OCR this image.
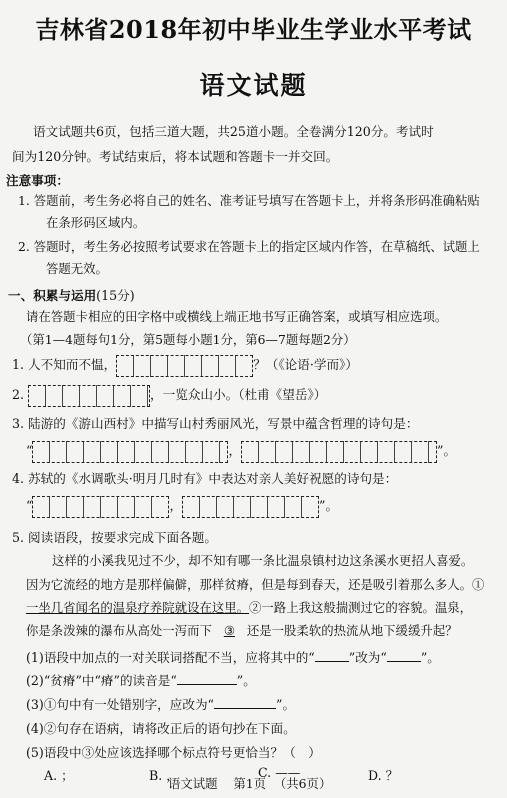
吉林省2018年初中毕业生学业水平考试
语文试题
语文试题共6页，包括三道大题，共25道小题。全卷满分120分。考试时
间为120分钟。考试结束后，将本试题和答题卡一并交回。
注意事项：
1. 答题前，考生务必将自己的姓名、准考证号填写在答题卡上，并将条形码准确粘贴
在条形码区域内。
2. 答题时，考生务必按照考试要求在答题卡上的指定区域内作答，在草稿纸、试题上
答题无效。
一、积累与运用(15分)
请在答题卡相应的田字格中或横线上端正地书写正确答案，或填写相应选项。
（第1—4题每句1分，第5题每小题1分，第6—7题每题2分）
1. 人不知而不愠，	？（《论语·学而》）
2.	，一览众山小。（杜甫《望岳》）
3. 陆游的《游山西村》中描写山村秀丽风光，写景中蕴含哲理的诗句是：
“	，	”。
4. 苏轼的《水调歌头·明月几时有》中表达对亲人美好祝愿的诗句是：
“	，	”。
5. 阅读语段，按要求完成下面各题。
这样的小溪我见过不少，却不知有哪一条比温泉镇村边这条溪水更招人喜爱。
因为它流经的地方是那样偏僻，那样贫瘠，但是每到春天，还是吸引着那么多人。①
一坐几省闻名的温泉疗养院就设在这里。②一路上我这般揣测过它的容貌。温泉，
你是条泼辣的瀑布从高处一泻而下 ③ 还是一股柔软的热流从地下缓缓升起？
(1)语段中加点的一对关联词搭配不当，应将其中的“	”改为“	”。
(2)“贫瘠”中“瘠”的读音是“	”。
(3)①句中有一处错别字，应改为“	”。
(4)②句存在语病，请将改正后的语句抄在下面。
(5)语段中③处应该选择哪个标点符号更恰当？（　）
A. ；	B. ，	C. ——	D. ？
语文试题 第1页 （共6页）
